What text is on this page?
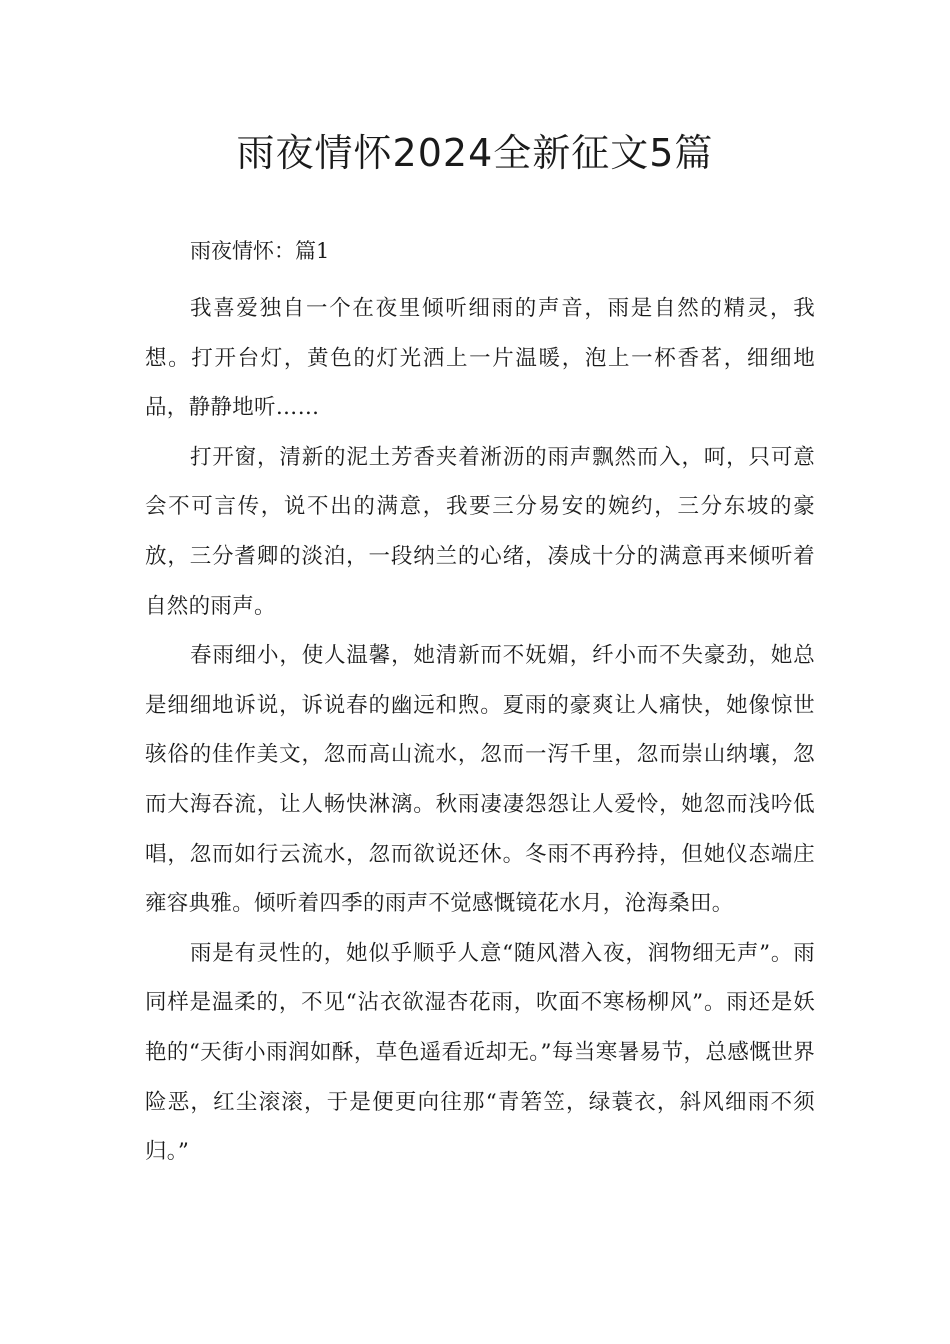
雨夜情怀2024全新征文5篇
雨夜情怀：篇1

我喜爱独自一个在夜里倾听细雨的声音，雨是自然的精灵，我想。打开台灯，黄色的灯光洒上一片温暖，泡上一杯香茗，细细地品，静静地听……

打开窗，清新的泥土芳香夹着淅沥的雨声飘然而入，呵，只可意会不可言传，说不出的满意，我要三分易安的婉约，三分东坡的豪放，三分耆卿的淡泊，一段纳兰的心绪，凑成十分的满意再来倾听着自然的雨声。

春雨细小，使人温馨，她清新而不妩媚，纤小而不失豪劲，她总是细细地诉说，诉说春的幽远和煦。夏雨的豪爽让人痛快，她像惊世骇俗的佳作美文，忽而高山流水，忽而一泻千里，忽而崇山纳壤，忽而大海吞流，让人畅快淋漓。秋雨凄凄怨怨让人爱怜，她忽而浅吟低唱，忽而如行云流水，忽而欲说还休。冬雨不再矜持，但她仪态端庄雍容典雅。倾听着四季的雨声不觉感慨镜花水月，沧海桑田。

雨是有灵性的，她似乎顺乎人意“随风潜入夜，润物细无声”。雨同样是温柔的，不见“沾衣欲湿杏花雨，吹面不寒杨柳风”。雨还是妖艳的“天街小雨润如酥，草色遥看近却无。”每当寒暑易节，总感慨世界险恶，红尘滚滚，于是便更向往那“青箬笠，绿蓑衣，斜风细雨不须归。”
